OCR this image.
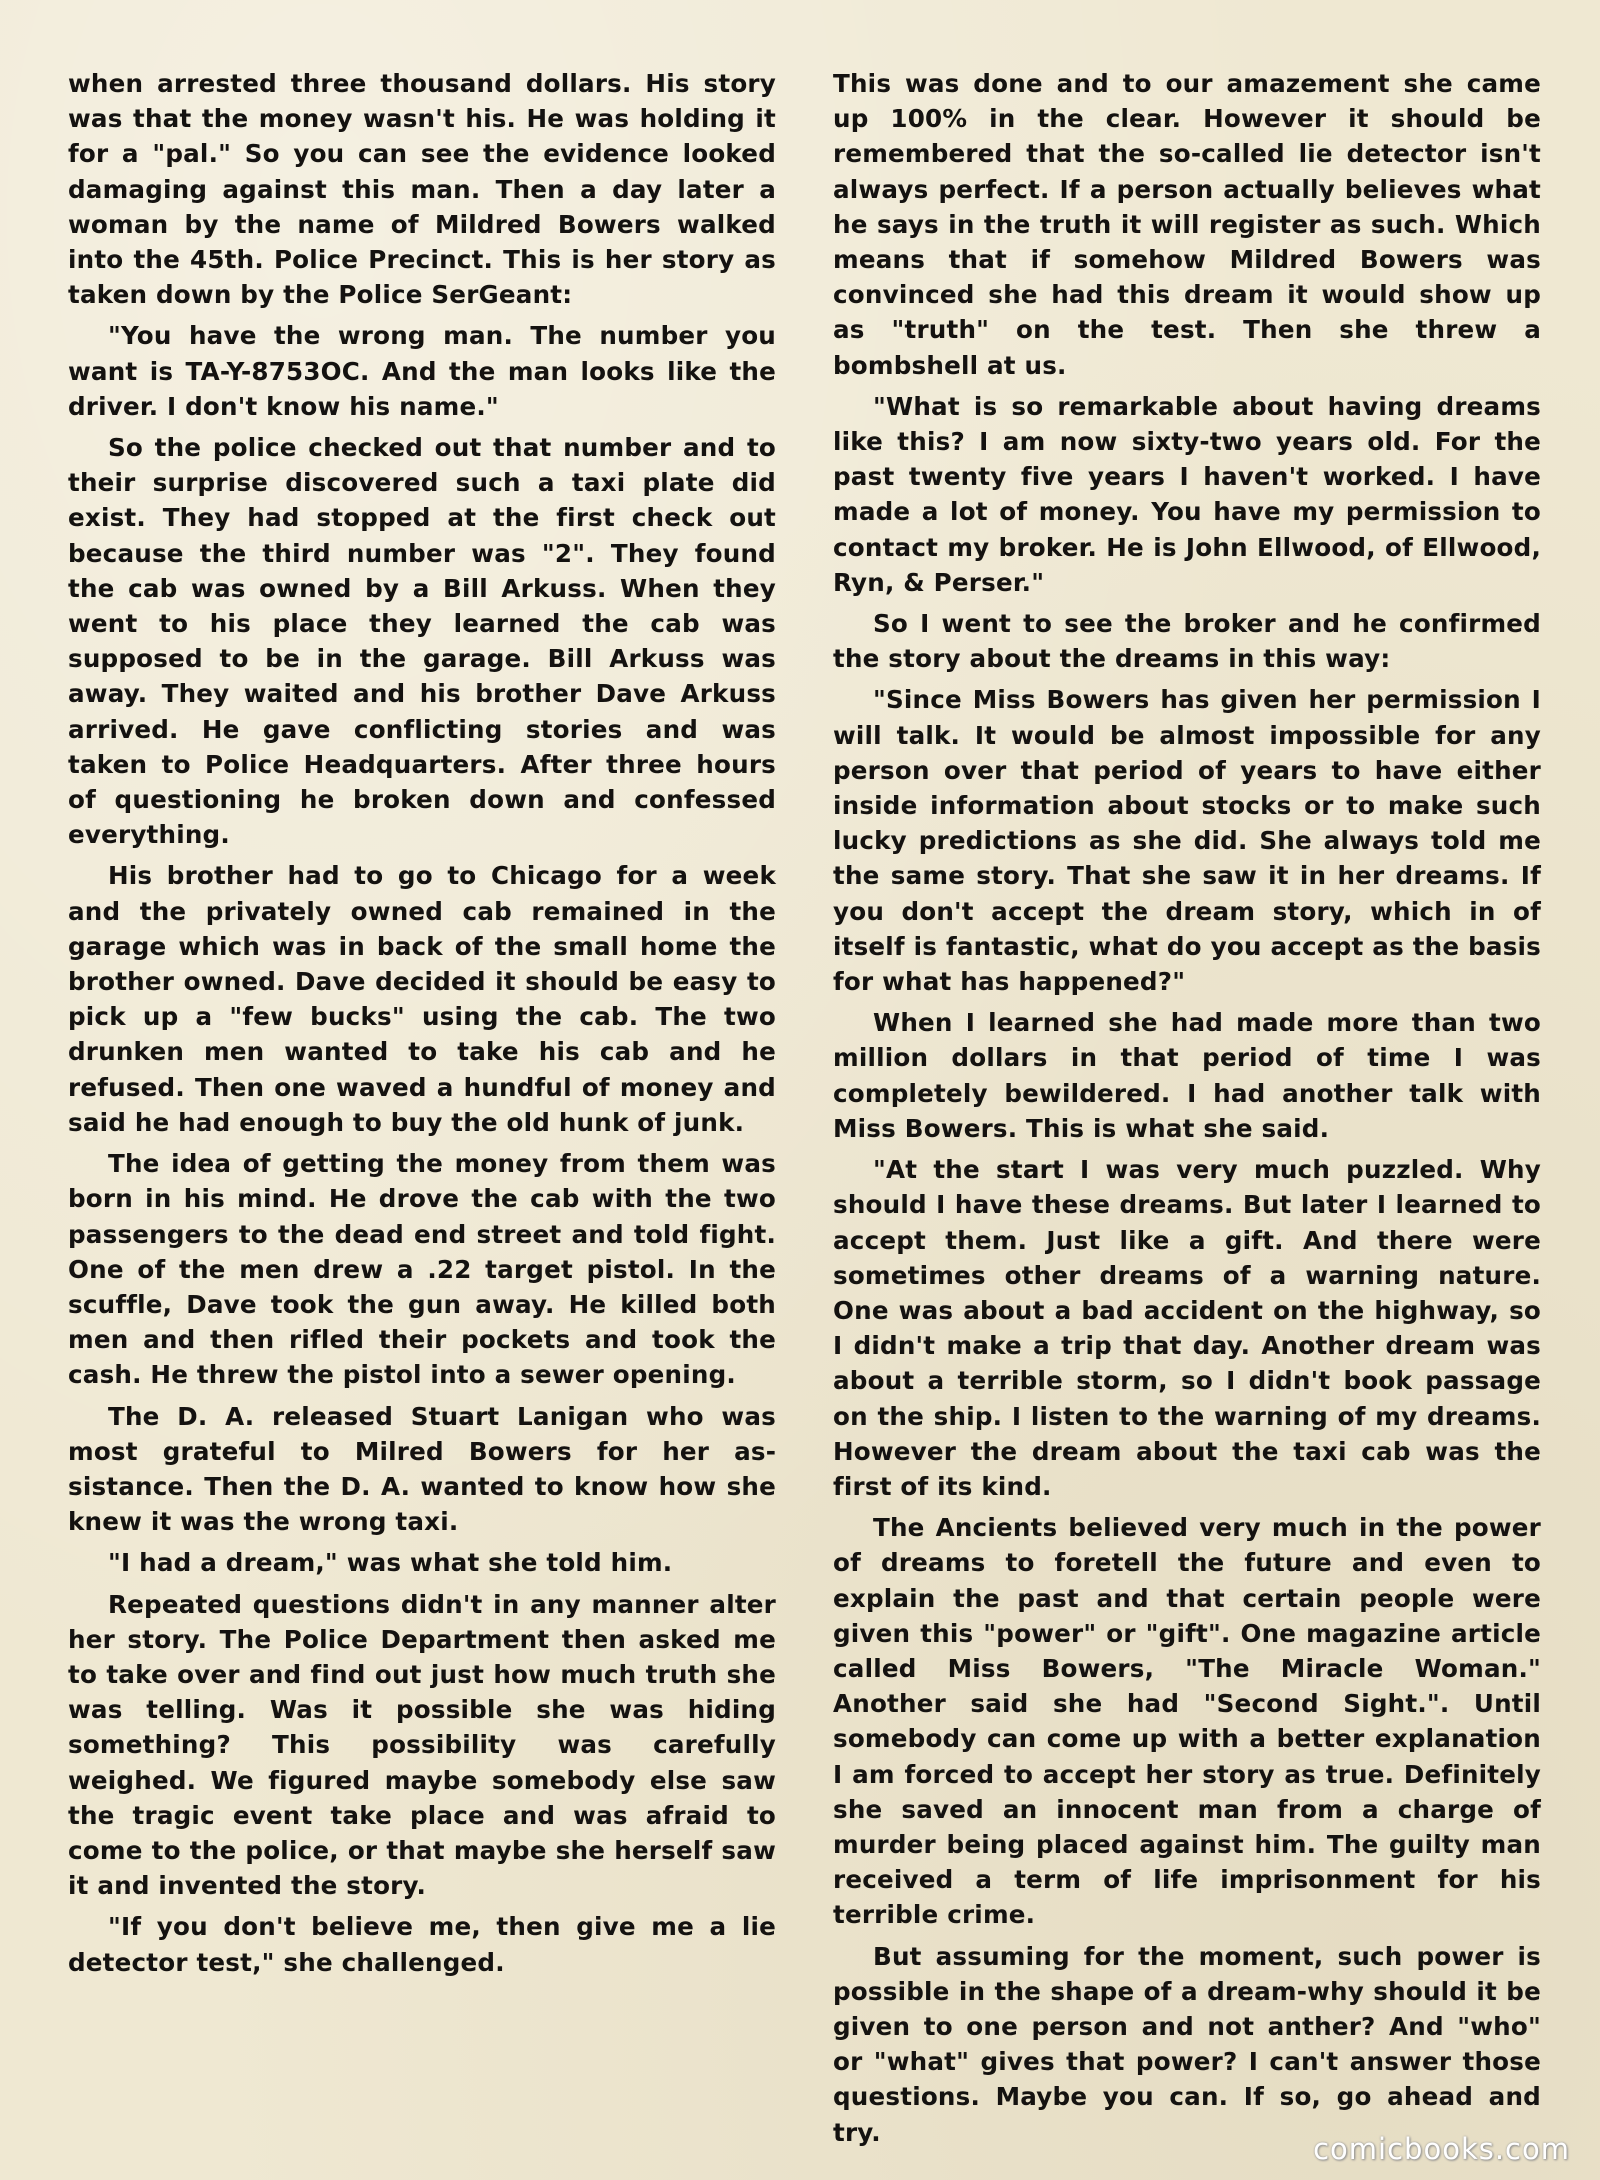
when arrested three thousand dollars. His story was that the money wasn't his. He was holding it for a "pal." So you can see the evidence looked damaging against this man. Then a day later a woman by the name of Mildred Bowers walked into the 45th. Police Precinct. This is her story as taken down by the Police SerGeant:

"You have the wrong man. The number you want is TA-Y-8753OC. And the man looks like the driver. I don't know his name."

So the police checked out that number and to their surprise discovered such a taxi plate did exist. They had stopped at the first check out because the third number was "2". They found the cab was owned by a Bill Arkuss. When they went to his place they learned the cab was supposed to be in the garage. Bill Arkuss was away. They waited and his brother Dave Arkuss arrived. He gave conflicting stories and was taken to Police Headquarters. After three hours of questioning he broken down and confessed everything.

His brother had to go to Chicago for a week and the privately owned cab remained in the garage which was in back of the small home the brother owned. Dave decided it should be easy to pick up a "few bucks" using the cab. The two drunken men wanted to take his cab and he refused. Then one waved a hundful of money and said he had enough to buy the old hunk of junk.

The idea of getting the money from them was born in his mind. He drove the cab with the two passengers to the dead end street and told fight. One of the men drew a .22 target pistol. In the scuffle, Dave took the gun away. He killed both men and then rifled their pockets and took the cash. He threw the pistol into a sewer opening.

The D. A. released Stuart Lanigan who was most grateful to Milred Bowers for her assistance. Then the D. A. wanted to know how she knew it was the wrong taxi.

"I had a dream," was what she told him.

Repeated questions didn't in any manner alter her story. The Police Department then asked me to take over and find out just how much truth she was telling. Was it possible she was hiding something? This possibility was carefully weighed. We figured maybe somebody else saw the tragic event take place and was afraid to come to the police, or that maybe she herself saw it and invented the story.

"If you don't believe me, then give me a lie detector test," she challenged.

This was done and to our amazement she came up 100% in the clear. However it should be remembered that the so-called lie detector isn't always perfect. If a person actually believes what he says in the truth it will register as such. Which means that if somehow Mildred Bowers was convinced she had this dream it would show up as "truth" on the test. Then she threw a bombshell at us.

"What is so remarkable about having dreams like this? I am now sixty-two years old. For the past twenty five years I haven't worked. I have made a lot of money. You have my permission to contact my broker. He is John Ellwood, of Ellwood, Ryn, & Perser."

So I went to see the broker and he confirmed the story about the dreams in this way:

"Since Miss Bowers has given her permission I will talk. It would be almost impossible for any person over that period of years to have either inside information about stocks or to make such lucky predictions as she did. She always told me the same story. That she saw it in her dreams. If you don't accept the dream story, which in of itself is fantastic, what do you accept as the basis for what has happened?"

When I learned she had made more than two million dollars in that period of time I was completely bewildered. I had another talk with Miss Bowers. This is what she said.

"At the start I was very much puzzled. Why should I have these dreams. But later I learned to accept them. Just like a gift. And there were sometimes other dreams of a warning nature. One was about a bad accident on the highway, so I didn't make a trip that day. Another dream was about a terrible storm, so I didn't book passage on the ship. I listen to the warning of my dreams. However the dream about the taxi cab was the first of its kind.

The Ancients believed very much in the power of dreams to foretell the future and even to explain the past and that certain people were given this "power" or "gift". One magazine article called Miss Bowers, "The Miracle Woman." Another said she had "Second Sight.". Until somebody can come up with a better explanation I am forced to accept her story as true. Definitely she saved an innocent man from a charge of murder being placed against him. The guilty man received a term of life imprisonment for his terrible crime.

But assuming for the moment, such power is possible in the shape of a dream-why should it be given to one person and not anther? And "who" or "what" gives that power? I can't answer those questions. Maybe you can. If so, go ahead and try.	comicbooks.com
